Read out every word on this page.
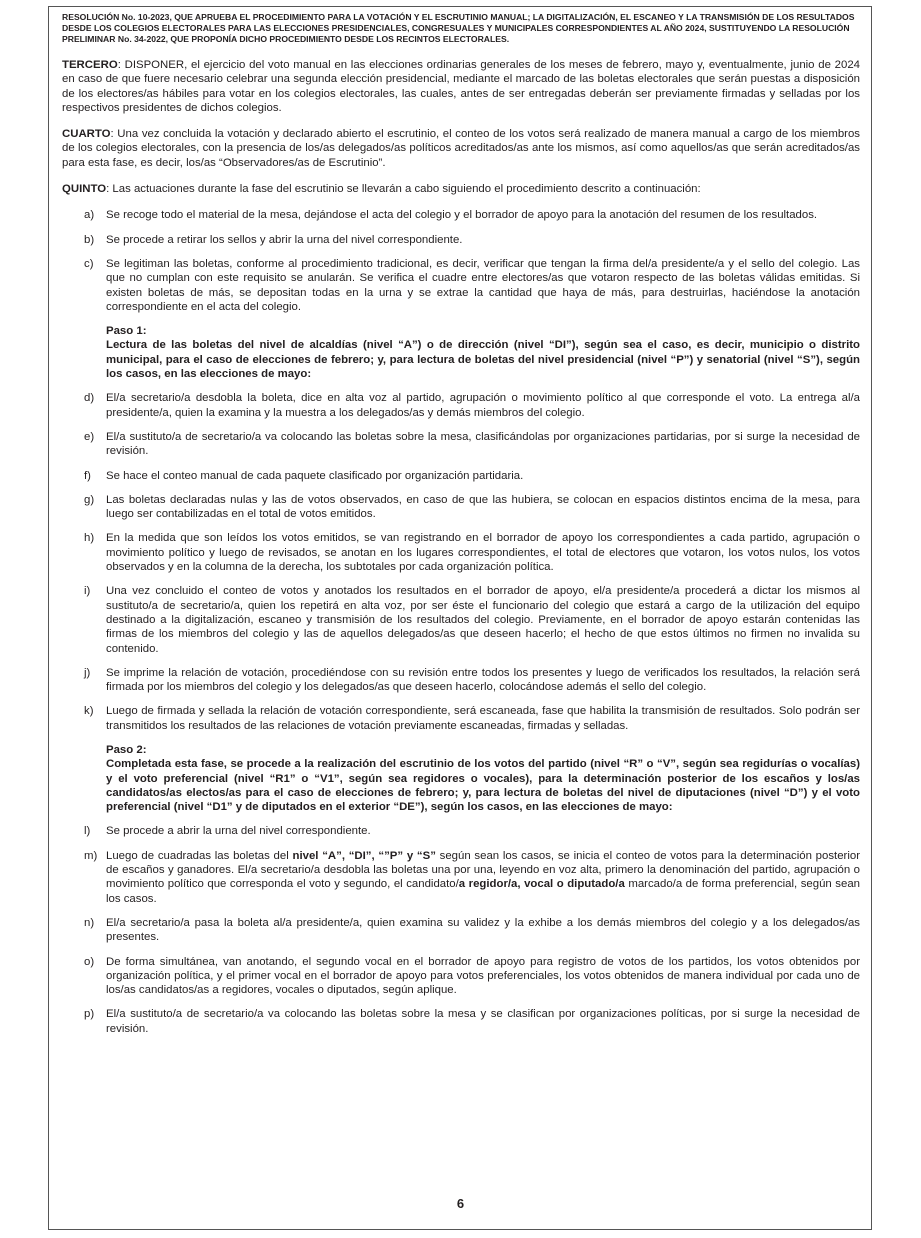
RESOLUCIÓN No. 10-2023, QUE APRUEBA EL PROCEDIMIENTO PARA LA VOTACIÓN Y EL ESCRUTINIO MANUAL; LA DIGITALIZACIÓN, EL ESCANEO Y LA TRANSMISIÓN DE LOS RESULTADOS DESDE LOS COLEGIOS ELECTORALES PARA LAS ELECCIONES PRESIDENCIALES, CONGRESUALES Y MUNICIPALES CORRESPONDIENTES AL AÑO 2024, SUSTITUYENDO LA RESOLUCIÓN PRELIMINAR No. 34-2022, QUE PROPONÍA DICHO PROCEDIMIENTO DESDE LOS RECINTOS ELECTORALES.

TERCERO: DISPONER, el ejercicio del voto manual en las elecciones ordinarias generales de los meses de febrero, mayo y, eventualmente, junio de 2024 en caso de que fuere necesario celebrar una segunda elección presidencial, mediante el marcado de las boletas electorales que serán puestas a disposición de los electores/as hábiles para votar en los colegios electorales, las cuales, antes de ser entregadas deberán ser previamente firmadas y selladas por los respectivos presidentes de dichos colegios.

CUARTO: Una vez concluida la votación y declarado abierto el escrutinio, el conteo de los votos será realizado de manera manual a cargo de los miembros de los colegios electorales, con la presencia de los/as delegados/as políticos acreditados/as ante los mismos, así como aquellos/as que serán acreditados/as para esta fase, es decir, los/as “Observadores/as de Escrutinio”.

QUINTO: Las actuaciones durante la fase del escrutinio se llevarán a cabo siguiendo el procedimiento descrito a continuación:

a)	Se recoge todo el material de la mesa, dejándose el acta del colegio y el borrador de apoyo para la anotación del resumen de los resultados.
b)	Se procede a retirar los sellos y abrir la urna del nivel correspondiente.
c)	Se legitiman las boletas, conforme al procedimiento tradicional, es decir, verificar que tengan la firma del/a presidente/a y el sello del colegio. Las que no cumplan con este requisito se anularán. Se verifica el cuadre entre electores/as que votaron respecto de las boletas válidas emitidas. Si existen boletas de más, se depositan todas en la urna y se extrae la cantidad que haya de más, para destruirlas, haciéndose la anotación correspondiente en el acta del colegio.
Paso 1:
Lectura de las boletas del nivel de alcaldías (nivel “A”) o de dirección (nivel “DI”), según sea el caso, es decir, municipio o distrito municipal, para el caso de elecciones de febrero; y, para lectura de boletas del nivel presidencial (nivel “P”) y senatorial (nivel “S”), según los casos, en las elecciones de mayo:
d)	El/a secretario/a desdobla la boleta, dice en alta voz al partido, agrupación o movimiento político al que corresponde el voto. La entrega al/a presidente/a, quien la examina y la muestra a los delegados/as y demás miembros del colegio.
e)	El/a sustituto/a de secretario/a va colocando las boletas sobre la mesa, clasificándolas por organizaciones partidarias, por si surge la necesidad de revisión.
f)	Se hace el conteo manual de cada paquete clasificado por organización partidaria.
g)	Las boletas declaradas nulas y las de votos observados, en caso de que las hubiera, se colocan en espacios distintos encima de la mesa, para luego ser contabilizadas en el total de votos emitidos.
h)	En la medida que son leídos los votos emitidos, se van registrando en el borrador de apoyo los correspondientes a cada partido, agrupación o movimiento político y luego de revisados, se anotan en los lugares correspondientes, el total de electores que votaron, los votos nulos, los votos observados y en la columna de la derecha, los subtotales por cada organización política.
i)	Una vez concluido el conteo de votos y anotados los resultados en el borrador de apoyo, el/a presidente/a procederá a dictar los mismos al sustituto/a de secretario/a, quien los repetirá en alta voz, por ser éste el funcionario del colegio que estará a cargo de la utilización del equipo destinado a la digitalización, escaneo y transmisión de los resultados del colegio. Previamente, en el borrador de apoyo estarán contenidas las firmas de los miembros del colegio y las de aquellos delegados/as que deseen hacerlo; el hecho de que estos últimos no firmen no invalida su contenido.
j)	Se imprime la relación de votación, procediéndose con su revisión entre todos los presentes y luego de verificados los resultados, la relación será firmada por los miembros del colegio y los delegados/as que deseen hacerlo, colocándose además el sello del colegio.
k)	Luego de firmada y sellada la relación de votación correspondiente, será escaneada, fase que habilita la transmisión de resultados. Solo podrán ser transmitidos los resultados de las relaciones de votación previamente escaneadas, firmadas y selladas.
Paso 2:
Completada esta fase, se procede a la realización del escrutinio de los votos del partido (nivel “R” o “V”, según sea regidurías o vocalías) y el voto preferencial (nivel “R1” o “V1”, según sea regidores o vocales), para la determinación posterior de los escaños y los/as candidatos/as electos/as para el caso de elecciones de febrero; y, para lectura de boletas del nivel de diputaciones (nivel “D”) y el voto preferencial (nivel “D1” y de diputados en el exterior “DE”), según los casos, en las elecciones de mayo:
l)	Se procede a abrir la urna del nivel correspondiente.
m) Luego de cuadradas las boletas del nivel “A”, “DI”, “”P” y “S” según sean los casos, se inicia el conteo de votos para la determinación posterior de escaños y ganadores. El/a secretario/a desdobla las boletas una por una, leyendo en voz alta, primero la denominación del partido, agrupación o movimiento político que corresponda el voto y segundo, el candidato/a regidor/a, vocal o diputado/a marcado/a de forma preferencial, según sean los casos.
n)	El/a secretario/a pasa la boleta al/a presidente/a, quien examina su validez y la exhibe a los demás miembros del colegio y a los delegados/as presentes.
o)	De forma simultánea, van anotando, el segundo vocal en el borrador de apoyo para registro de votos de los partidos, los votos obtenidos por organización política, y el primer vocal en el borrador de apoyo para votos preferenciales, los votos obtenidos de manera individual por cada uno de los/as candidatos/as a regidores, vocales o diputados, según aplique.
p)	El/a sustituto/a de secretario/a va colocando las boletas sobre la mesa y se clasifican por organizaciones políticas, por si surge la necesidad de revisión.
6
